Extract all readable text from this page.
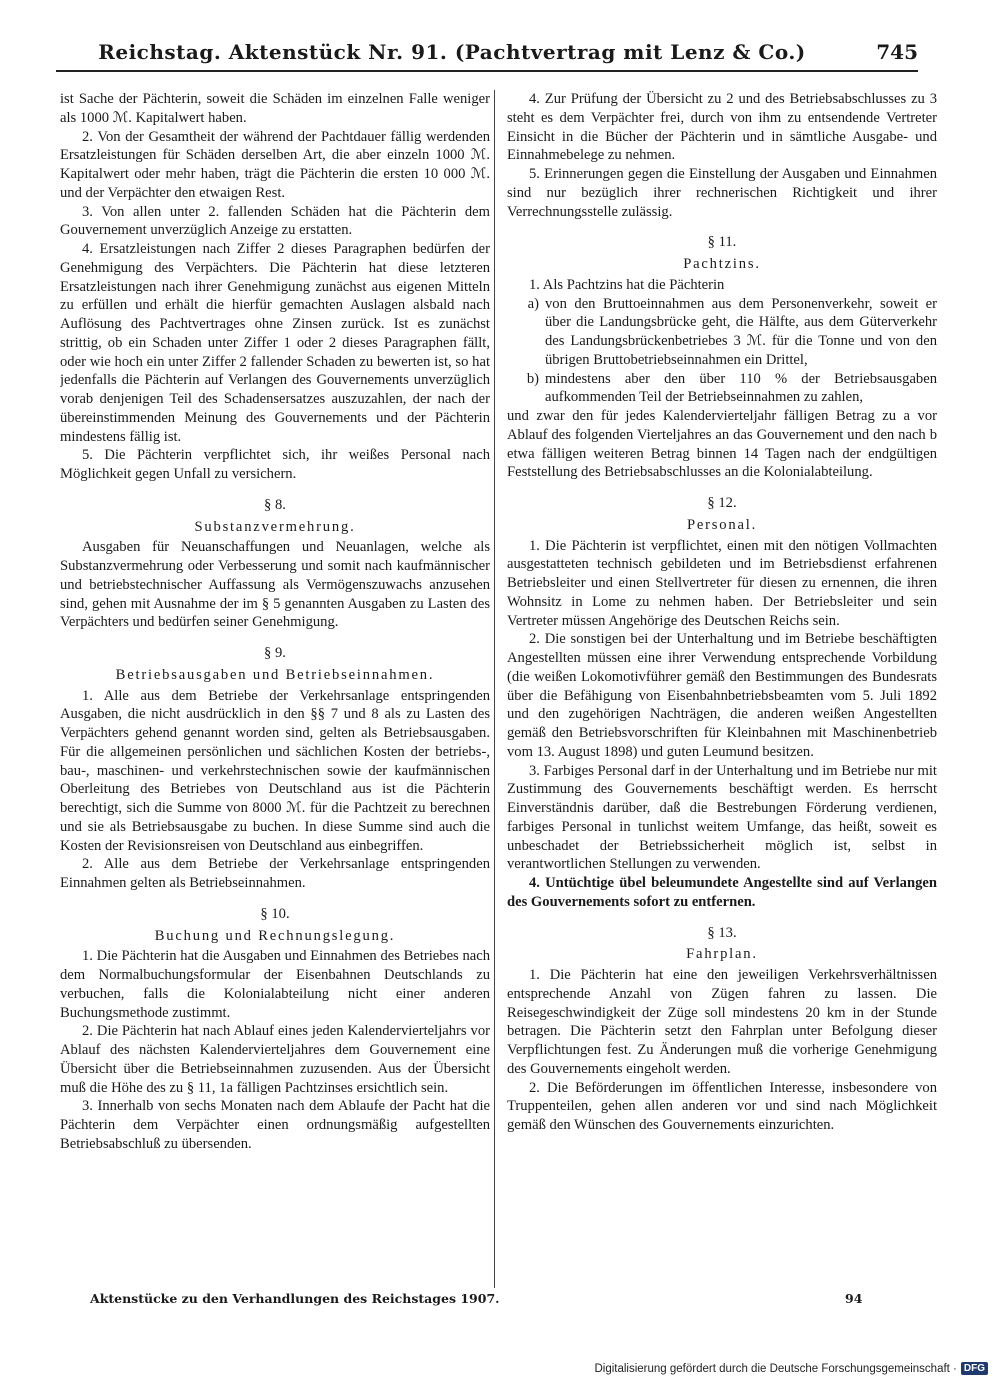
Reichstag. Aktenstück Nr. 91. (Pachtvertrag mit Lenz & Co.)	745

ist Sache der Pächterin, soweit die Schäden im einzelnen Falle weniger als 1000 ℳ. Kapitalwert haben.

2. Von der Gesamtheit der während der Pachtdauer fällig werdenden Ersatzleistungen für Schäden derselben Art, die aber einzeln 1000 ℳ. Kapitalwert oder mehr haben, trägt die Pächterin die ersten 10 000 ℳ. und der Verpächter den etwaigen Rest.

3. Von allen unter 2. fallenden Schäden hat die Pächterin dem Gouvernement unverzüglich Anzeige zu erstatten.

4. Ersatzleistungen nach Ziffer 2 dieses Paragraphen bedürfen der Genehmigung des Verpächters. Die Pächterin hat diese letzteren Ersatzleistungen nach ihrer Genehmigung zunächst aus eigenen Mitteln zu erfüllen und erhält die hierfür gemachten Auslagen alsbald nach Auflösung des Pachtvertrages ohne Zinsen zurück. Ist es zunächst strittig, ob ein Schaden unter Ziffer 1 oder 2 dieses Paragraphen fällt, oder wie hoch ein unter Ziffer 2 fallender Schaden zu bewerten ist, so hat jedenfalls die Pächterin auf Verlangen des Gouvernements unverzüglich vorab denjenigen Teil des Schadensersatzes auszuzahlen, der nach der übereinstimmenden Meinung des Gouvernements und der Pächterin mindestens fällig ist.

5. Die Pächterin verpflichtet sich, ihr weißes Personal nach Möglichkeit gegen Unfall zu versichern.

§ 8.

Substanzvermehrung.

Ausgaben für Neuanschaffungen und Neuanlagen, welche als Substanzvermehrung oder Verbesserung und somit nach kaufmännischer und betriebstechnischer Auffassung als Vermögenszuwachs anzusehen sind, gehen mit Ausnahme der im § 5 genannten Ausgaben zu Lasten des Verpächters und bedürfen seiner Genehmigung.

§ 9.

Betriebsausgaben und Betriebseinnahmen.

1. Alle aus dem Betriebe der Verkehrsanlage entspringenden Ausgaben, die nicht ausdrücklich in den §§ 7 und 8 als zu Lasten des Verpächters gehend genannt worden sind, gelten als Betriebsausgaben. Für die allgemeinen persönlichen und sächlichen Kosten der betriebs-, bau-, maschinen- und verkehrstechnischen sowie der kaufmännischen Oberleitung des Betriebes von Deutschland aus ist die Pächterin berechtigt, sich die Summe von 8000 ℳ. für die Pachtzeit zu berechnen und sie als Betriebsausgabe zu buchen. In diese Summe sind auch die Kosten der Revisionsreisen von Deutschland aus einbegriffen.

2. Alle aus dem Betriebe der Verkehrsanlage entspringenden Einnahmen gelten als Betriebseinnahmen.

§ 10.

Buchung und Rechnungslegung.

1. Die Pächterin hat die Ausgaben und Einnahmen des Betriebes nach dem Normalbuchungsformular der Eisenbahnen Deutschlands zu verbuchen, falls die Kolonialabteilung nicht einer anderen Buchungsmethode zustimmt.

2. Die Pächterin hat nach Ablauf eines jeden Kalendervierteljahrs vor Ablauf des nächsten Kalendervierteljahres dem Gouvernement eine Übersicht über die Betriebseinnahmen zuzusenden. Aus der Übersicht muß die Höhe des zu § 11, 1a fälligen Pachtzinses ersichtlich sein.

3. Innerhalb von sechs Monaten nach dem Ablaufe der Pacht hat die Pächterin dem Verpächter einen ordnungsmäßig aufgestellten Betriebsabschluß zu übersenden.

4. Zur Prüfung der Übersicht zu 2 und des Betriebsabschlusses zu 3 steht es dem Verpächter frei, durch von ihm zu entsendende Vertreter Einsicht in die Bücher der Pächterin und in sämtliche Ausgabe- und Einnahmebelege zu nehmen.

5. Erinnerungen gegen die Einstellung der Ausgaben und Einnahmen sind nur bezüglich ihrer rechnerischen Richtigkeit und ihrer Verrechnungsstelle zulässig.

§ 11.

Pachtzins.

1. Als Pachtzins hat die Pächterin

a) von den Bruttoeinnahmen aus dem Personenverkehr, soweit er über die Landungsbrücke geht, die Hälfte, aus dem Güterverkehr des Landungsbrückenbetriebes 3 ℳ. für die Tonne und von den übrigen Bruttobetriebseinnahmen ein Drittel,
b) mindestens aber den über 110 % der Betriebsausgaben aufkommenden Teil der Betriebseinnahmen zu zahlen,

und zwar den für jedes Kalendervierteljahr fälligen Betrag zu a vor Ablauf des folgenden Vierteljahres an das Gouvernement und den nach b etwa fälligen weiteren Betrag binnen 14 Tagen nach der endgültigen Feststellung des Betriebsabschlusses an die Kolonialabteilung.

§ 12.

Personal.

1. Die Pächterin ist verpflichtet, einen mit den nötigen Vollmachten ausgestatteten technisch gebildeten und im Betriebsdienst erfahrenen Betriebsleiter und einen Stellvertreter für diesen zu ernennen, die ihren Wohnsitz in Lome zu nehmen haben. Der Betriebsleiter und sein Vertreter müssen Angehörige des Deutschen Reichs sein.

2. Die sonstigen bei der Unterhaltung und im Betriebe beschäftigten Angestellten müssen eine ihrer Verwendung entsprechende Vorbildung (die weißen Lokomotivführer gemäß den Bestimmungen des Bundesrats über die Befähigung von Eisenbahnbetriebsbeamten vom 5. Juli 1892 und den zugehörigen Nachträgen, die anderen weißen Angestellten gemäß den Betriebsvorschriften für Kleinbahnen mit Maschinenbetrieb vom 13. August 1898) und guten Leumund besitzen.

3. Farbiges Personal darf in der Unterhaltung und im Betriebe nur mit Zustimmung des Gouvernements beschäftigt werden. Es herrscht Einverständnis darüber, daß die Bestrebungen Förderung verdienen, farbiges Personal in tunlichst weitem Umfange, das heißt, soweit es unbeschadet der Betriebssicherheit möglich ist, selbst in verantwortlichen Stellungen zu verwenden.

4. Untüchtige übel beleumundete Angestellte sind auf Verlangen des Gouvernements sofort zu entfernen.

§ 13.

Fahrplan.

1. Die Pächterin hat eine den jeweiligen Verkehrsverhältnissen entsprechende Anzahl von Zügen fahren zu lassen. Die Reisegeschwindigkeit der Züge soll mindestens 20 km in der Stunde betragen. Die Pächterin setzt den Fahrplan unter Befolgung dieser Verpflichtungen fest. Zu Änderungen muß die vorherige Genehmigung des Gouvernements eingeholt werden.

2. Die Beförderungen im öffentlichen Interesse, insbesondere von Truppenteilen, gehen allen anderen vor und sind nach Möglichkeit gemäß den Wünschen des Gouvernements einzurichten.

Aktenstücke zu den Verhandlungen des Reichstages 1907.	94
Digitalisierung gefördert durch die Deutsche Forschungsgemeinschaft · DFG
